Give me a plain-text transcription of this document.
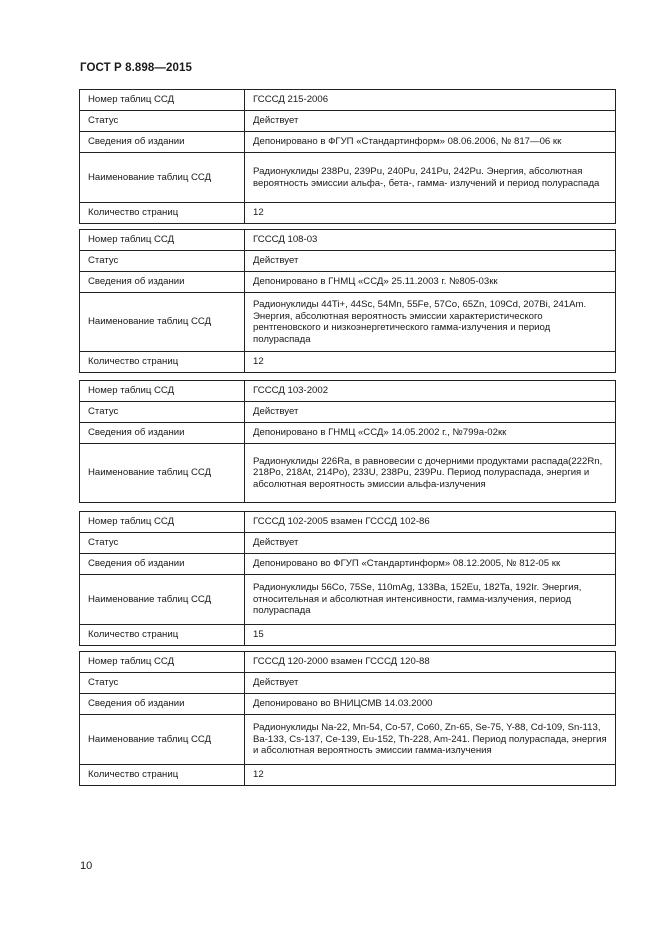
ГОСТ Р 8.898—2015
Номер таблиц ССД	ГСССД 215-2006
Статус	Действует
Сведения об издании	Депонировано в ФГУП «Стандартинформ» 08.06.2006, № 817—06 кк
Наименование таблиц ССД	Радионуклиды 238Pu, 239Pu, 240Pu, 241Pu, 242Pu. Энергия, абсолютная вероятность эмиссии альфа-, бета-, гамма- излучений и период полураспада
Количество страниц	12
Номер таблиц ССД	ГСССД 108-03
Статус	Действует
Сведения об издании	Депонировано в ГНМЦ «ССД» 25.11.2003 г. №805-03кк
Наименование таблиц ССД	Радионуклиды 44Ti+, 44Sc, 54Mn, 55Fe, 57Co, 65Zn, 109Cd, 207Bi, 241Am. Энергия, абсолютная вероятность эмиссии характеристического рентгеновского и низкоэнергетического гамма-излучения и период полураспада
Количество страниц	12
Номер таблиц ССД	ГСССД 103-2002
Статус	Действует
Сведения об издании	Депонировано в ГНМЦ «ССД» 14.05.2002 г., №799а-02кк
Наименование таблиц ССД	Радионуклиды 226Ra, в равновесии с дочерними продуктами распада(222Rn, 218Po, 218At, 214Po), 233U, 238Pu, 239Pu. Период полураспада, энергия и абсолютная вероятность эмиссии альфа-излучения
Номер таблиц ССД	ГСССД 102-2005 взамен ГСССД 102-86
Статус	Действует
Сведения об издании	Депонировано во ФГУП «Стандартинформ» 08.12.2005, № 812-05 кк
Наименование таблиц ССД	Радионуклиды 56Co, 75Se, 110mAg, 133Ba, 152Eu, 182Ta, 192Ir. Энергия, относительная и абсолютная интенсивности, гамма-излучения, период полураспада
Количество страниц	15
Номер таблиц ССД	ГСССД 120-2000 взамен ГСССД 120-88
Статус	Действует
Сведения об издании	Депонировано во ВНИЦСМВ 14.03.2000
Наименование таблиц ССД	Радионуклиды Na-22, Mn-54, Co-57, Co60, Zn-65, Se-75, Y-88, Cd-109, Sn-113, Ba-133, Cs-137, Ce-139, Eu-152, Th-228, Am-241. Период полураспада, энергия и абсолютная вероятность эмиссии гамма-излучения
Количество страниц	12
10
